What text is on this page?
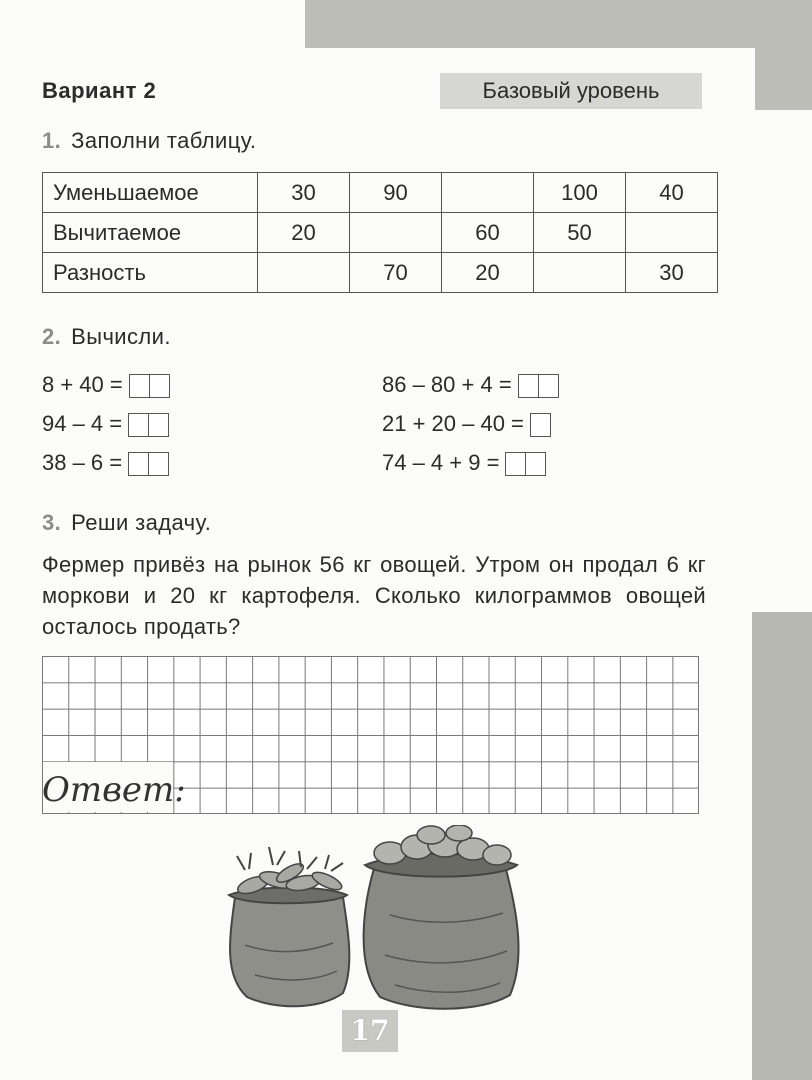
Вариант 2	Базовый уровень
1. Заполни таблицу.
Уменьшаемое	30	90		100	40
Вычитаемое	20		60	50	
Разность		70	20		30
2. Вычисли.
8 + 40 =
94 – 4 =
38 – 6 =
86 – 80 + 4 =
21 + 20 – 40 =
74 – 4 + 9 =
3. Реши задачу.
Фермер привёз на рынок 56 кг овощей. Утром он продал 6 кг моркови и 20 кг картофеля. Сколько килограммов овощей осталось продать?
Ответ:
17
